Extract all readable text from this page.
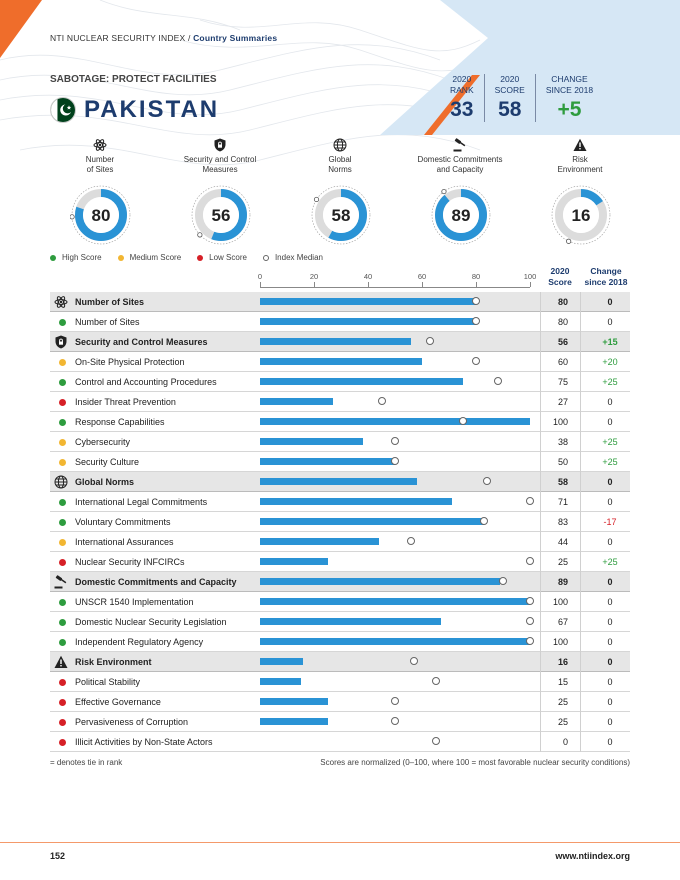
NTI NUCLEAR SECURITY INDEX / Country Summaries
SABOTAGE: PROTECT FACILITIES
PAKISTAN
2020
RANK
33
2020
SCORE
58
CHANGE
SINCE 2018
+5
Number
of Sites
Security and Control
Measures
Global
Norms
Domestic Commitments
and Capacity
Risk
Environment
80	56	58	89	16
High Score	Medium Score	Low Score	Index Median
0	20	40	60	80	100
2020
Score
Change
since 2018
Number of Sites	80	0
Number of Sites	80	0
Security and Control Measures	56	+15
On-Site Physical Protection	60	+20
Control and Accounting Procedures	75	+25
Insider Threat Prevention	27	0
Response Capabilities	100	0
Cybersecurity	38	+25
Security Culture	50	+25
Global Norms	58	0
International Legal Commitments	71	0
Voluntary Commitments	83	-17
International Assurances	44	0
Nuclear Security INFCIRCs	25	+25
Domestic Commitments and Capacity	89	0
UNSCR 1540 Implementation	100	0
Domestic Nuclear Security Legislation	67	0
Independent Regulatory Agency	100	0
Risk Environment	16	0
Political Stability	15	0
Effective Governance	25	0
Pervasiveness of Corruption	25	0
Illicit Activities by Non-State Actors	0	0
= denotes tie in rank	Scores are normalized (0–100, where 100 = most favorable nuclear security conditions)
152	www.ntiindex.org
